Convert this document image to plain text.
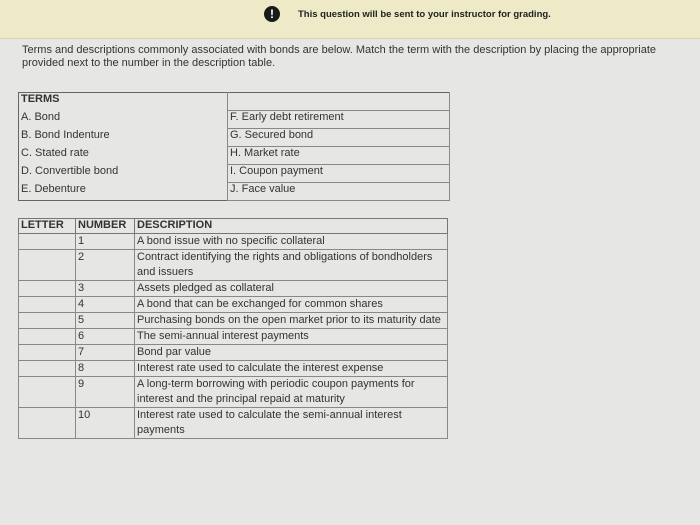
!	This question will be sent to your instructor for grading.
Terms and descriptions commonly associated with bonds are below. Match the term with the description by placing the appropriate
provided next to the number in the description table.
TERMS	
A. Bond	F. Early debt retirement
B. Bond Indenture	G. Secured bond
C. Stated rate	H. Market rate
D. Convertible bond	I. Coupon payment
E. Debenture	J. Face value
LETTER	NUMBER	DESCRIPTION
	1	A bond issue with no specific collateral
	2	Contract identifying the rights and obligations of bondholders and issuers
	3	Assets pledged as collateral
	4	A bond that can be exchanged for common shares
	5	Purchasing bonds on the open market prior to its maturity date
	6	The semi-annual interest payments
	7	Bond par value
	8	Interest rate used to calculate the interest expense
	9	A long-term borrowing with periodic coupon payments for interest and the principal repaid at maturity
	10	Interest rate used to calculate the semi-annual interest payments
